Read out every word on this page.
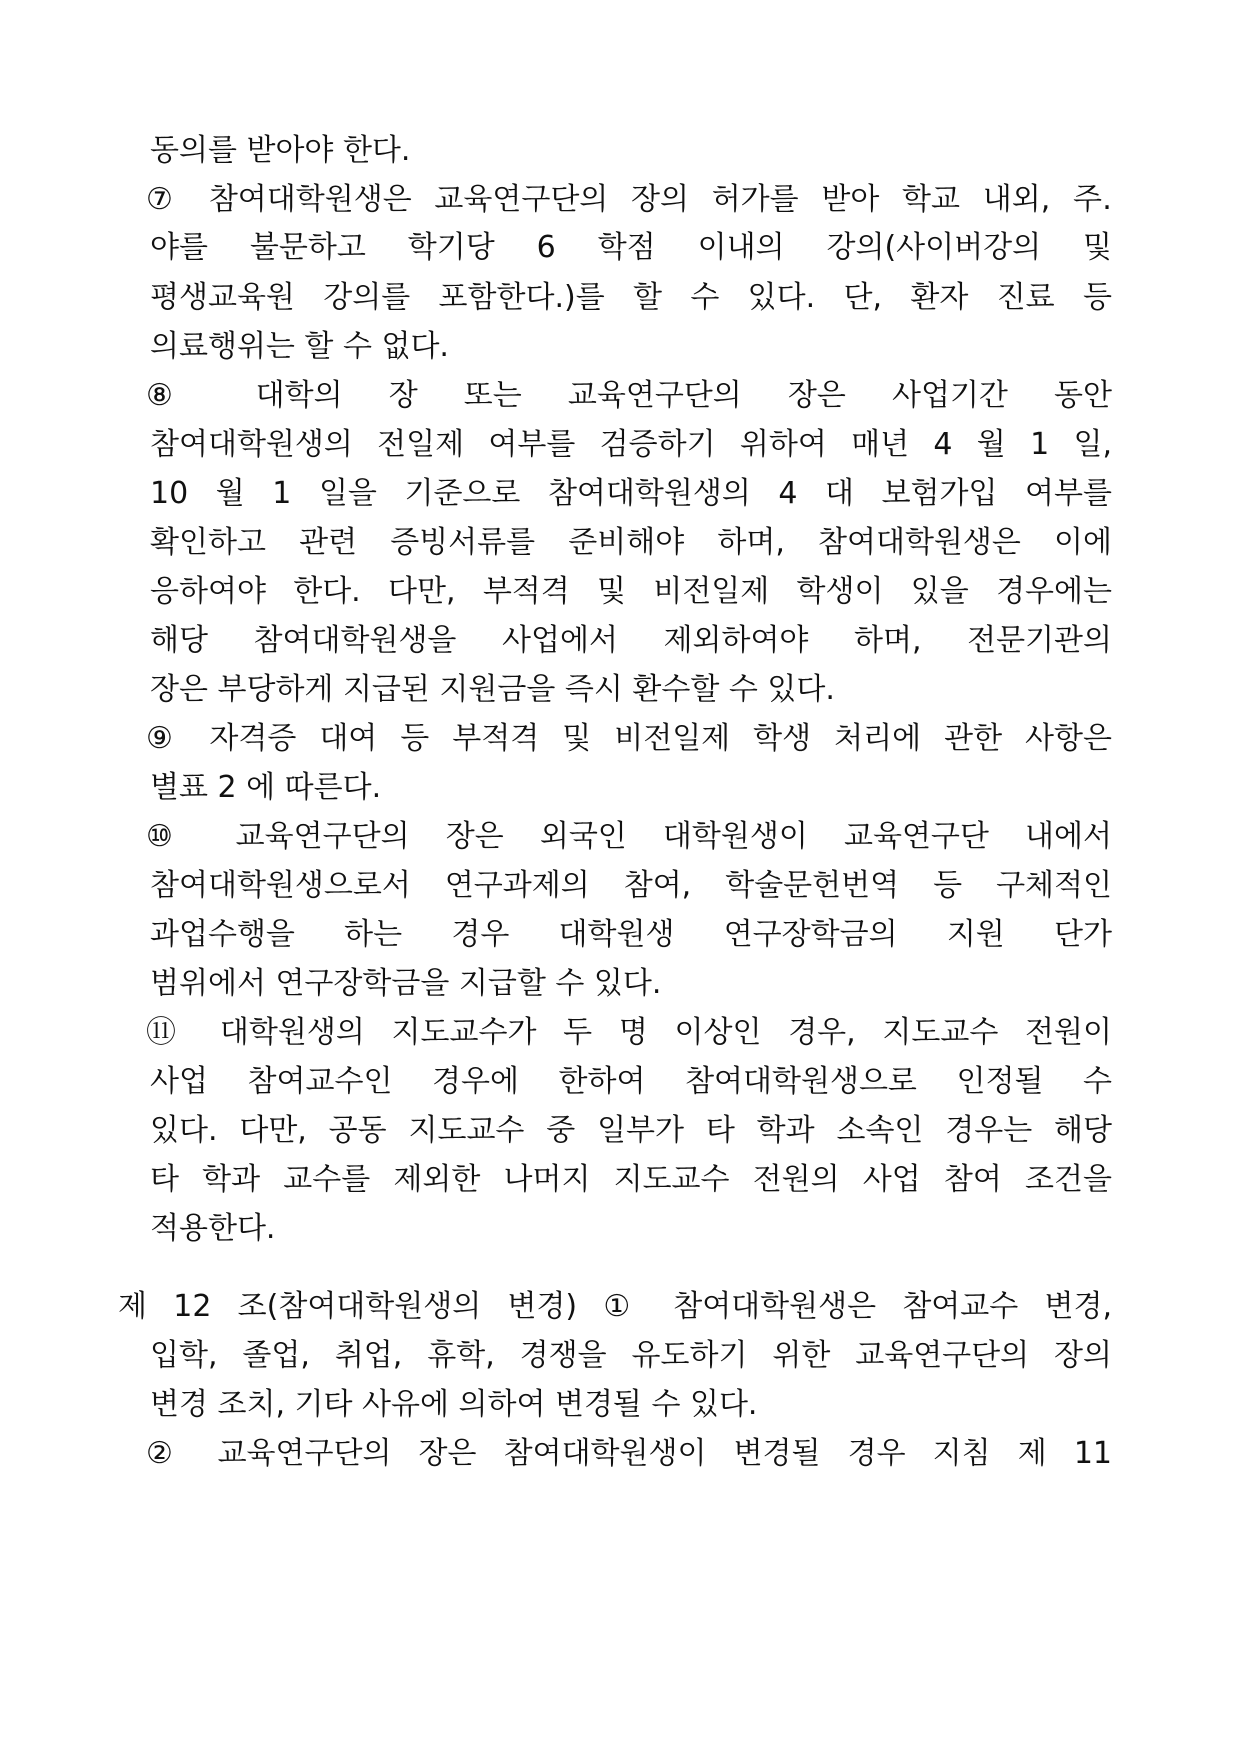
동의를 받아야 한다.
⑦ 참여대학원생은 교육연구단의 장의 허가를 받아 학교 내외, 주․
야를 불문하고 학기당 6 학점 이내의 강의(사이버강의 및
평생교육원 강의를 포함한다.)를 할 수 있다. 단, 환자 진료 등
의료행위는 할 수 없다.
⑧ 대학의 장 또는 교육연구단의 장은 사업기간 동안
참여대학원생의 전일제 여부를 검증하기 위하여 매년 4 월 1 일,
10 월 1 일을 기준으로 참여대학원생의 4 대 보험가입 여부를
확인하고 관련 증빙서류를 준비해야 하며, 참여대학원생은 이에
응하여야 한다. 다만, 부적격 및 비전일제 학생이 있을 경우에는
해당 참여대학원생을 사업에서 제외하여야 하며, 전문기관의
장은 부당하게 지급된 지원금을 즉시 환수할 수 있다.
⑨ 자격증 대여 등 부적격 및 비전일제 학생 처리에 관한 사항은
별표 2 에 따른다.
⑩ 교육연구단의 장은 외국인 대학원생이 교육연구단 내에서
참여대학원생으로서 연구과제의 참여, 학술문헌번역 등 구체적인
과업수행을 하는 경우 대학원생 연구장학금의 지원 단가
범위에서 연구장학금을 지급할 수 있다.
⑪ 대학원생의 지도교수가 두 명 이상인 경우, 지도교수 전원이
사업 참여교수인 경우에 한하여 참여대학원생으로 인정될 수
있다. 다만, 공동 지도교수 중 일부가 타 학과 소속인 경우는 해당
타 학과 교수를 제외한 나머지 지도교수 전원의 사업 참여 조건을
적용한다.
제 12 조(참여대학원생의 변경) ① 참여대학원생은 참여교수 변경,
입학, 졸업, 취업, 휴학, 경쟁을 유도하기 위한 교육연구단의 장의
변경 조치, 기타 사유에 의하여 변경될 수 있다.
② 교육연구단의 장은 참여대학원생이 변경될 경우 지침 제 11
